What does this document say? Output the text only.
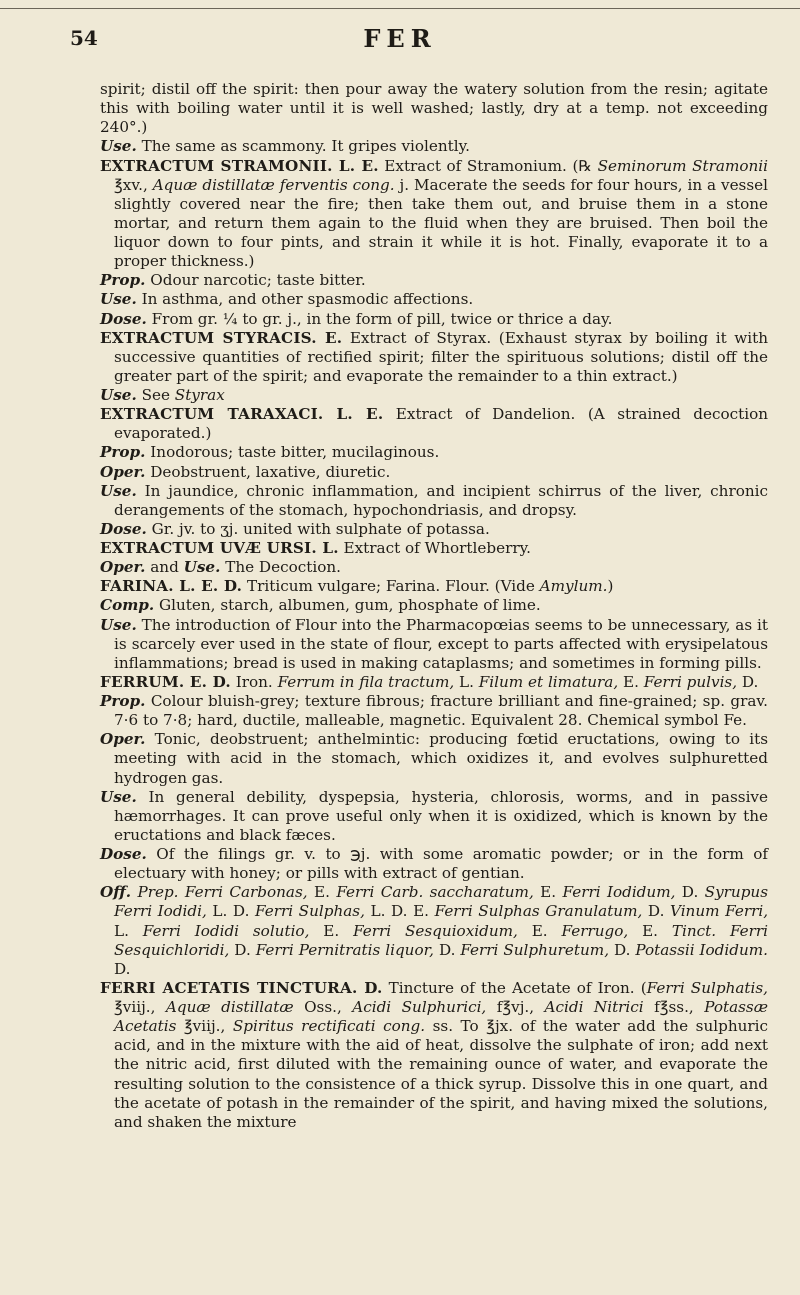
54	FER

spirit; distil off the spirit: then pour away the watery solution from the resin; agitate this with boiling water until it is well washed; lastly, dry at a temp. not exceeding 240°.)

Use. The same as scammony. It gripes violently.

EXTRACTUM STRAMONII. L. E. Extract of Stramonium. (℞ Seminorum Stramonii ℥xv., Aquæ distillatæ ferventis cong. j. Macerate the seeds for four hours, in a vessel slightly covered near the fire; then take them out, and bruise them in a stone mortar, and return them again to the fluid when they are bruised. Then boil the liquor down to four pints, and strain it while it is hot. Finally, evaporate it to a proper thickness.)

Prop. Odour narcotic; taste bitter.

Use. In asthma, and other spasmodic affections.

Dose. From gr. ¼ to gr. j., in the form of pill, twice or thrice a day.

EXTRACTUM STYRACIS. E. Extract of Styrax. (Exhaust styrax by boiling it with successive quantities of rectified spirit; filter the spirituous solutions; distil off the greater part of the spirit; and evaporate the remainder to a thin extract.)

Use. See Styrax

EXTRACTUM TARAXACI. L. E. Extract of Dandelion. (A strained decoction evaporated.)

Prop. Inodorous; taste bitter, mucilaginous.

Oper. Deobstruent, laxative, diuretic.

Use. In jaundice, chronic inflammation, and incipient schirrus of the liver, chronic derangements of the stomach, hypochondriasis, and dropsy.

Dose. Gr. jv. to ʒj. united with sulphate of potassa.

EXTRACTUM UVÆ URSI. L. Extract of Whortleberry.

Oper. and Use. The Decoction.

FARINA. L. E. D. Triticum vulgare; Farina. Flour. (Vide Amylum.)

Comp. Gluten, starch, albumen, gum, phosphate of lime.

Use. The introduction of Flour into the Pharmacopœias seems to be unnecessary, as it is scarcely ever used in the state of flour, except to parts affected with erysipelatous inflammations; bread is used in making cataplasms; and sometimes in forming pills.

FERRUM. E. D. Iron. Ferrum in fila tractum, L. Filum et limatura, E. Ferri pulvis, D.

Prop. Colour bluish-grey; texture fibrous; fracture brilliant and fine-grained; sp. grav. 7·6 to 7·8; hard, ductile, malleable, magnetic. Equivalent 28. Chemical symbol Fe.

Oper. Tonic, deobstruent; anthelmintic: producing fœtid eructations, owing to its meeting with acid in the stomach, which oxidizes it, and evolves sulphuretted hydrogen gas.

Use. In general debility, dyspepsia, hysteria, chlorosis, worms, and in passive hæmorrhages. It can prove useful only when it is oxidized, which is known by the eructations and black fæces.

Dose. Of the filings gr. v. to ℈j. with some aromatic powder; or in the form of electuary with honey; or pills with extract of gentian.

Off. Prep. Ferri Carbonas, E. Ferri Carb. saccharatum, E. Ferri Iodidum, D. Syrupus Ferri Iodidi, L. D. Ferri Sulphas, L. D. E. Ferri Sulphas Granulatum, D. Vinum Ferri, L. Ferri Iodidi solutio, E. Ferri Sesquioxidum, E. Ferrugo, E. Tinct. Ferri Sesquichloridi, D. Ferri Pernitratis liquor, D. Ferri Sulphuretum, D. Potassii Iodidum. D.

FERRI ACETATIS TINCTURA. D. Tincture of the Acetate of Iron. (Ferri Sulphatis, ℥viij., Aquæ distillatæ Oss., Acidi Sulphurici, f℥vj., Acidi Nitrici f℥ss., Potassæ Acetatis ℥viij., Spiritus rectificati cong. ss. To ℥jx. of the water add the sulphuric acid, and in the mixture with the aid of heat, dissolve the sulphate of iron; add next the nitric acid, first diluted with the remaining ounce of water, and evaporate the resulting solution to the consistence of a thick syrup. Dissolve this in one quart, and the acetate of potash in the remainder of the spirit, and having mixed the solutions, and shaken the mixture
